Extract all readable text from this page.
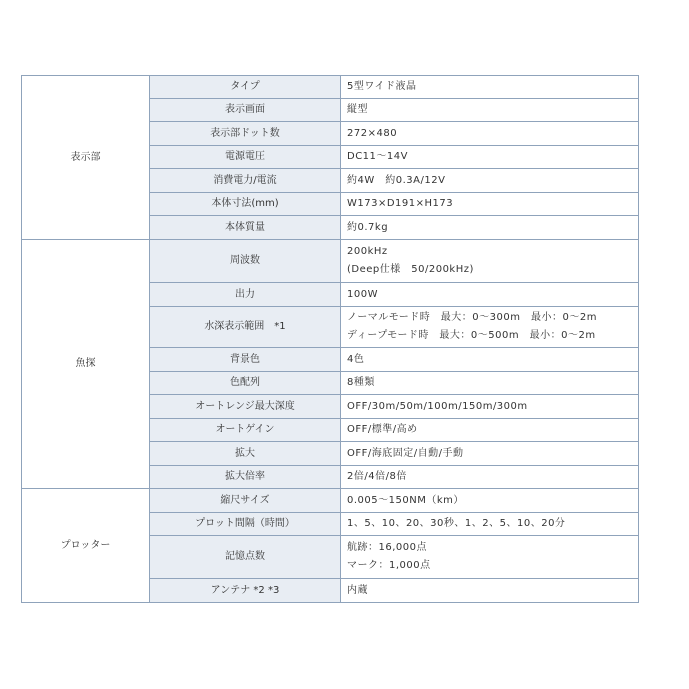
表示部	タイプ	5型ワイド液晶

	表示画面	縦型

	表示部ドット数	272×480

	電源電圧	DC11～14V

	消費電力/電流	約4W　約0.3A/12V

	本体寸法(mm)	W173×D191×H173

	本体質量	約0.7kg

魚探	周波数	200kHz
(Deep仕様　50/200kHz)

	出力	100W

	水深表示範囲　*1	ノーマルモード時　最大：0～300m　最小：0～2m
ディープモード時　最大：0～500m　最小：0～2m

	背景色	4色

	色配列	8種類

	オートレンジ最大深度	OFF/30m/50m/100m/150m/300m

	オートゲイン	OFF/標準/高め

	拡大	OFF/海底固定/自動/手動

	拡大倍率	2倍/4倍/8倍

プロッター	縮尺サイズ	0.005～150NM（km）

	プロット間隔（時間）	1、5、10、20、30秒、1、2、5、10、20分

	記憶点数	航跡：16,000点
マーク：1,000点

	アンテナ *2 *3	内蔵
